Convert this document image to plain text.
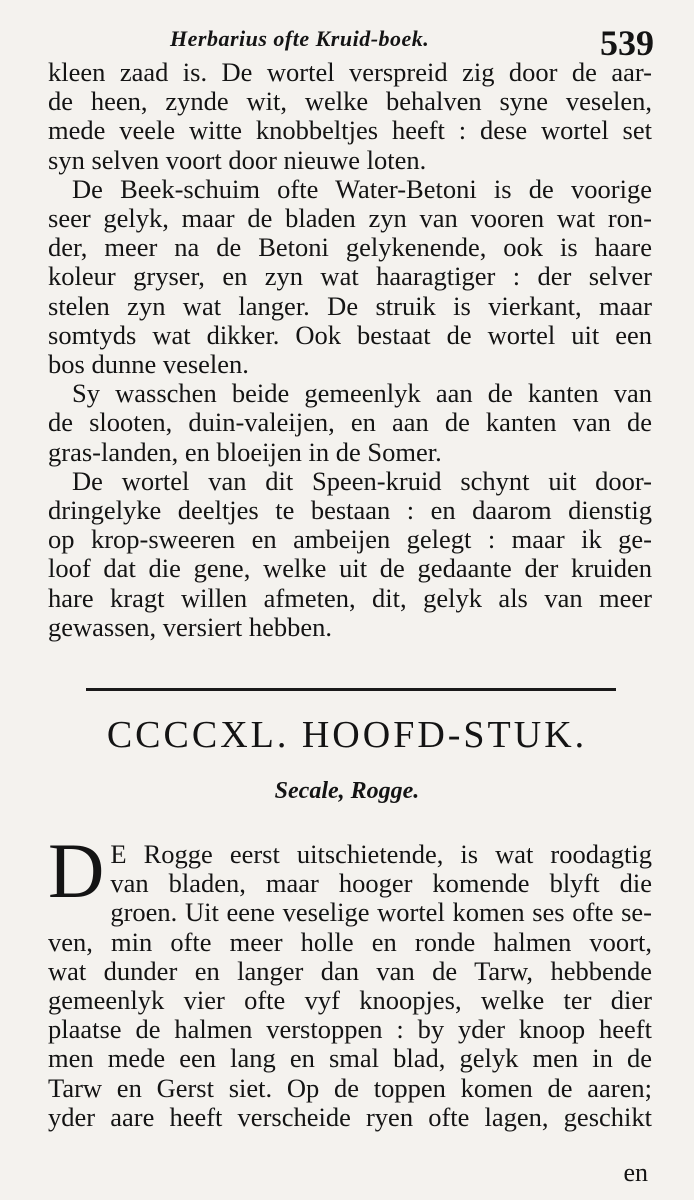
Herbarius ofte Kruid-boek.	539
kleen zaad is. De wortel verspreid zig door de aar-
de heen, zynde wit, welke behalven syne veselen,
mede veele witte knobbeltjes heeft : dese wortel set
syn selven voort door nieuwe loten.
De Beek-schuim ofte Water-Betoni is de voorige
seer gelyk, maar de bladen zyn van vooren wat ron-
der, meer na de Betoni gelykenende, ook is haare
koleur gryser, en zyn wat haaragtiger : der selver
stelen zyn wat langer. De struik is vierkant, maar
somtyds wat dikker. Ook bestaat de wortel uit een
bos dunne veselen.
Sy wasschen beide gemeenlyk aan de kanten van
de slooten, duin-valeijen, en aan de kanten van de
gras-landen, en bloeijen in de Somer.
De wortel van dit Speen-kruid schynt uit door-
dringelyke deeltjes te bestaan : en daarom dienstig
op krop-sweeren en ambeijen gelegt : maar ik ge-
loof dat die gene, welke uit de gedaante der kruiden
hare kragt willen afmeten, dit, gelyk als van meer
gewassen, versiert hebben.
CCCCXL. HOOFD-STUK.
Secale, Rogge.
D E Rogge eerst uitschietende, is wat roodagtig
van bladen, maar hooger komende blyft die
groen. Uit eene veselige wortel komen ses ofte se-
ven, min ofte meer holle en ronde halmen voort,
wat dunder en langer dan van de Tarw, hebbende
gemeenlyk vier ofte vyf knoopjes, welke ter dier
plaatse de halmen verstoppen : by yder knoop heeft
men mede een lang en smal blad, gelyk men in de
Tarw en Gerst siet. Op de toppen komen de aaren;
yder aare heeft verscheide ryen ofte lagen, geschikt
en
